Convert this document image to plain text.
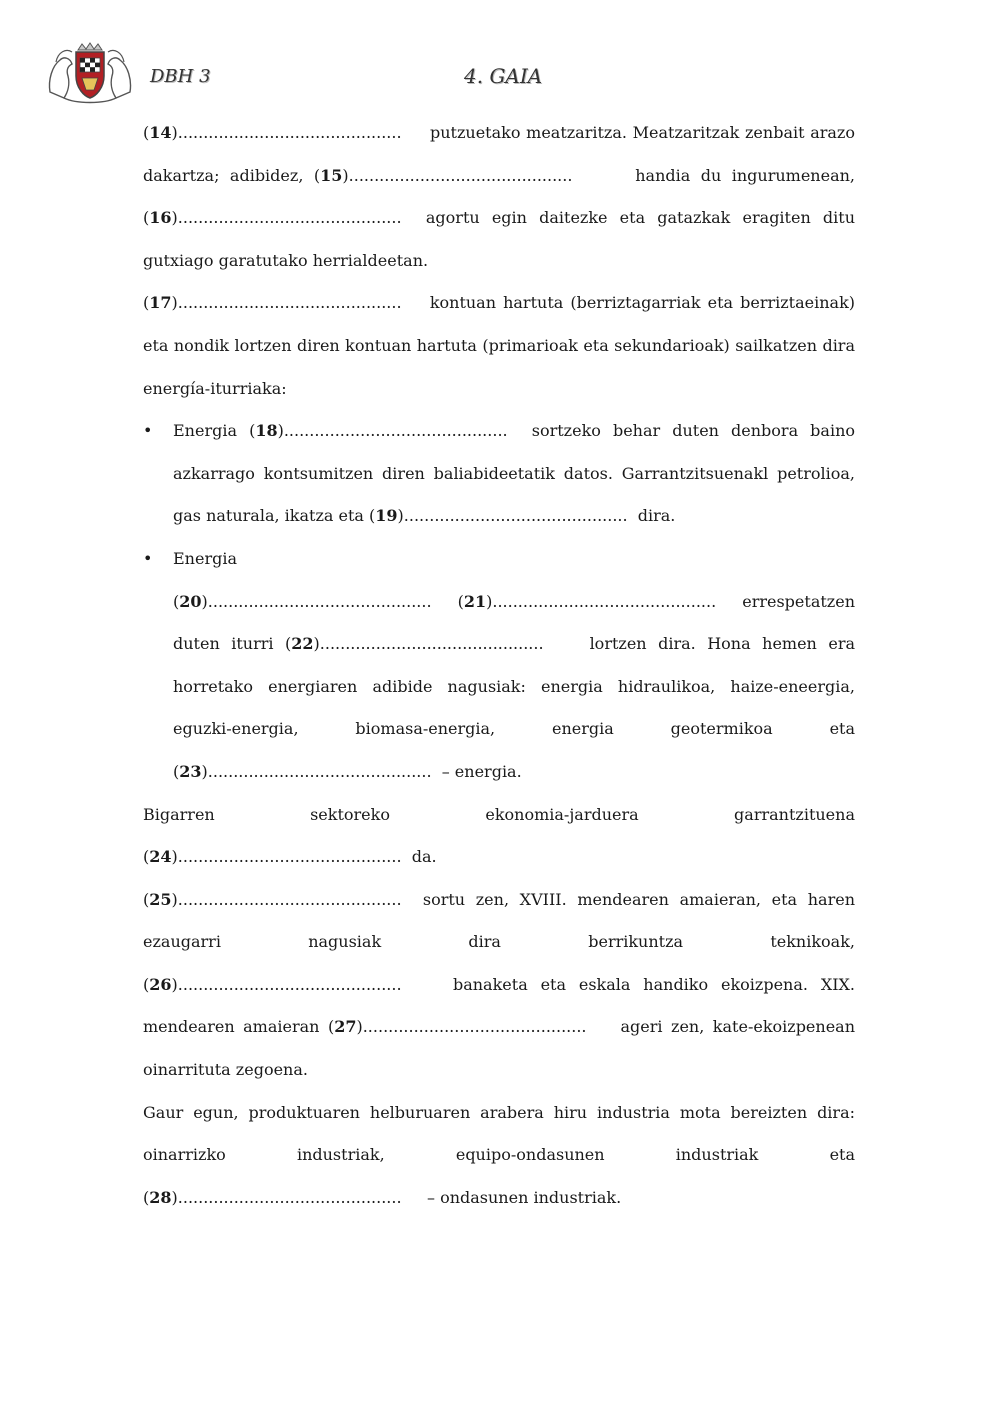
DBH 3	4. GAIA

(14)............................................ putzuetako meatzaritza. Meatzaritzak zenbait arazo dakartza; adibidez, (15)............................................	handia du ingurumenean, (16)............................................ agortu egin daitezke eta gatazkak eragiten ditu gutxiago garatutako herrialdeetan.

(17)............................................ kontuan hartuta (berriztagarriak eta berriztaeinak) eta nondik lortzen diren kontuan hartuta (primarioak eta sekundarioak) sailkatzen dira energía-iturriaka:

• Energia (18)............................................ sortzeko behar duten denbora baino azkarrago kontsumitzen diren baliabideetatik datos. Garrantzitsuenakl petrolioa, gas naturala, ikatza eta (19)............................................ dira.
• Energia (20)............................................     (21)............................................ errespetatzen duten iturri (22)............................................	lortzen dira. Hona hemen era horretako energiaren adibide nagusiak: energia hidraulikoa, haize-eneergia, eguzki-energia, biomasa-energia, energia geotermikoa eta (23)............................................ – energia.

Bigarren sektoreko ekonomia-jarduera garrantzituena (24)............................................ da.

(25)............................................ sortu zen, XVIII. mendearen amaieran, eta haren ezaugarri nagusiak dira berrikuntza teknikoak, (26)............................................	banaketa eta eskala handiko ekoizpena. XIX. mendearen amaieran (27)............................................ ageri zen, kate-ekoizpenean oinarrituta zegoena.

Gaur egun, produktuaren helburuaren arabera hiru industria mota bereizten dira: oinarrizko industriak, equipo-ondasunen industriak eta (28)............................................ – ondasunen industriak.
